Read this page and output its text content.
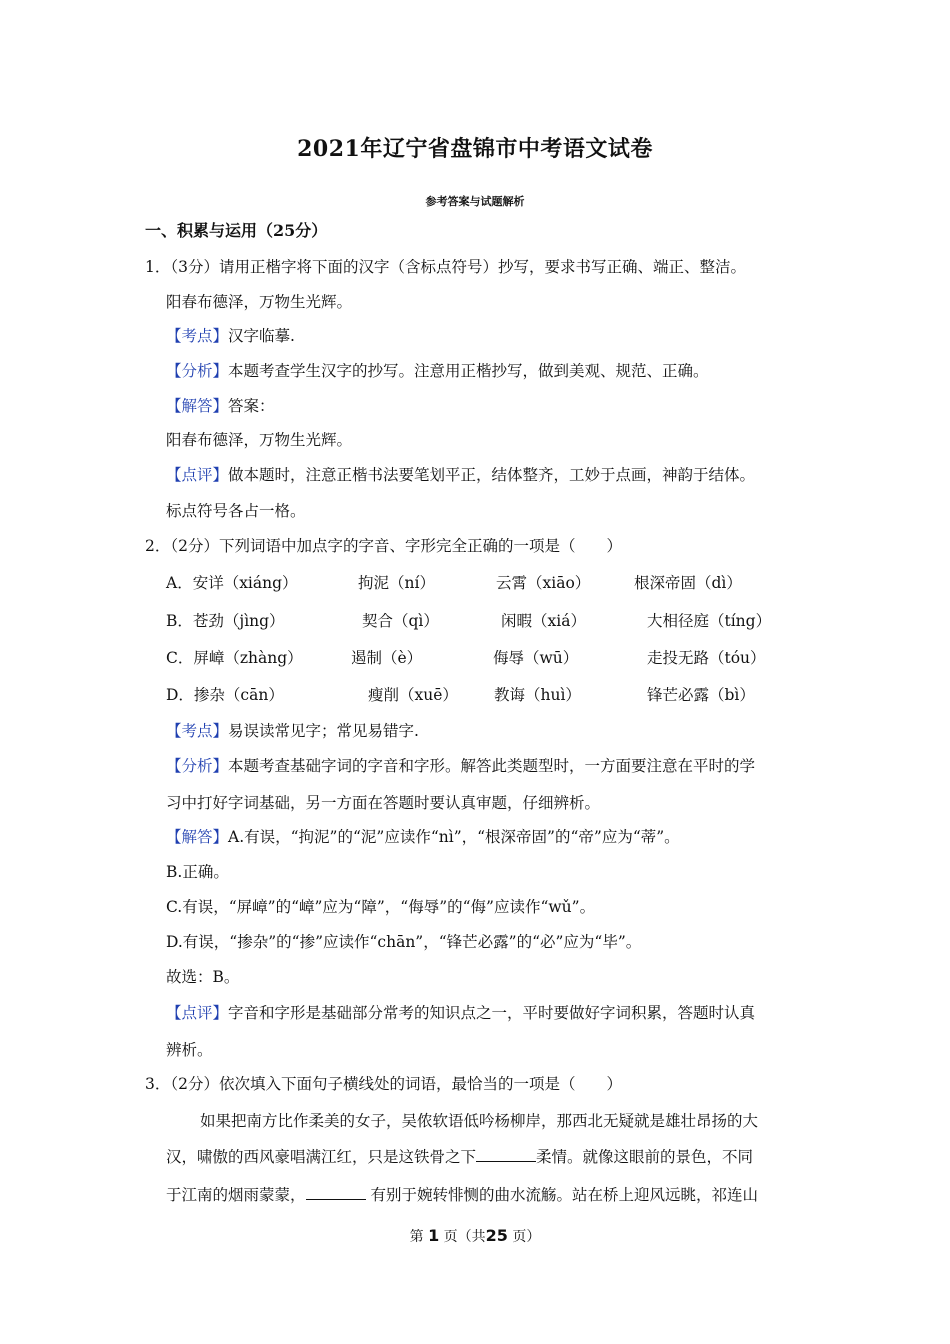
2021年辽宁省盘锦市中考语文试卷
参考答案与试题解析
一、积累与运用（25分）
1．（3分）请用正楷字将下面的汉字（含标点符号）抄写，要求书写正确、端正、整洁。
阳春布德泽，万物生光辉。
【考点】汉字临摹.
【分析】本题考查学生汉字的抄写。注意用正楷抄写，做到美观、规范、正确。
【解答】答案：
阳春布德泽，万物生光辉。
【点评】做本题时，注意正楷书法要笔划平正，结体整齐，工妙于点画，神韵于结体。
标点符号各占一格。
2．（2分）下列词语中加点字的字音、字形完全正确的一项是（　　）
A．安详（xiáng）	拘泥（ní）	云霄（xiāo）	根深帝固（dì）
B．苍劲（jìng）	契合（qì）	闲暇（xiá）	大相径庭（tíng）
C．屏嶂（zhàng）	遏制（è）	侮辱（wū）	走投无路（tóu）
D．掺杂（cān）	瘦削（xuē） 教诲（huì）	锋芒必露（bì）
【考点】易误读常见字；常见易错字.
【分析】本题考查基础字词的字音和字形。解答此类题型时，一方面要注意在平时的学
习中打好字词基础，另一方面在答题时要认真审题，仔细辨析。
【解答】A.有误，“拘泥”的“泥”应读作“nì”，“根深帝固”的“帝”应为“蒂”。
B.正确。
C.有误，“屏嶂”的“嶂”应为“障”，“侮辱”的“侮”应读作“wǔ”。
D.有误，“掺杂”的“掺”应读作“chān”，“锋芒必露”的“必”应为“毕”。
故选：B。
【点评】字音和字形是基础部分常考的知识点之一，平时要做好字词积累，答题时认真
辨析。
3．（2分）依次填入下面句子横线处的词语，最恰当的一项是（　　）
如果把南方比作柔美的女子，吴侬软语低吟杨柳岸，那西北无疑就是雄壮昂扬的大
汉，啸傲的西风豪唱满江红，只是这铁骨之下	柔情。就像这眼前的景色，不同
于江南的烟雨蒙蒙，	有别于婉转悱恻的曲水流觞。站在桥上迎风远眺，祁连山
第 1 页（共25 页）
